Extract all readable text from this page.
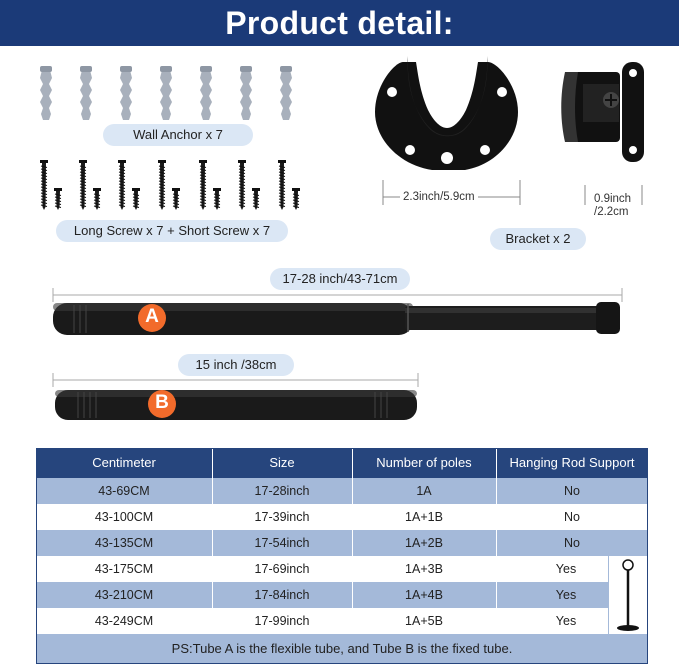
Product detail:
Wall Anchor x 7
Long Screw x 7 + Short Screw x 7
2.3inch/5.9cm	0.9inch
/2.2cm
Bracket x 2
17-28 inch/43-71cm
A
15 inch /38cm
B
Centimeter	Size	Number of poles	Hanging Rod Support
43-69CM	17-28inch	1A	No
43-100CM	17-39inch	1A+1B	No
43-135CM	17-54inch	1A+2B	No
43-175CM	17-69inch	1A+3B	Yes
43-210CM	17-84inch	1A+4B	Yes
43-249CM	17-99inch	1A+5B	Yes
PS:Tube A is the flexible tube, and Tube B is the fixed tube.
